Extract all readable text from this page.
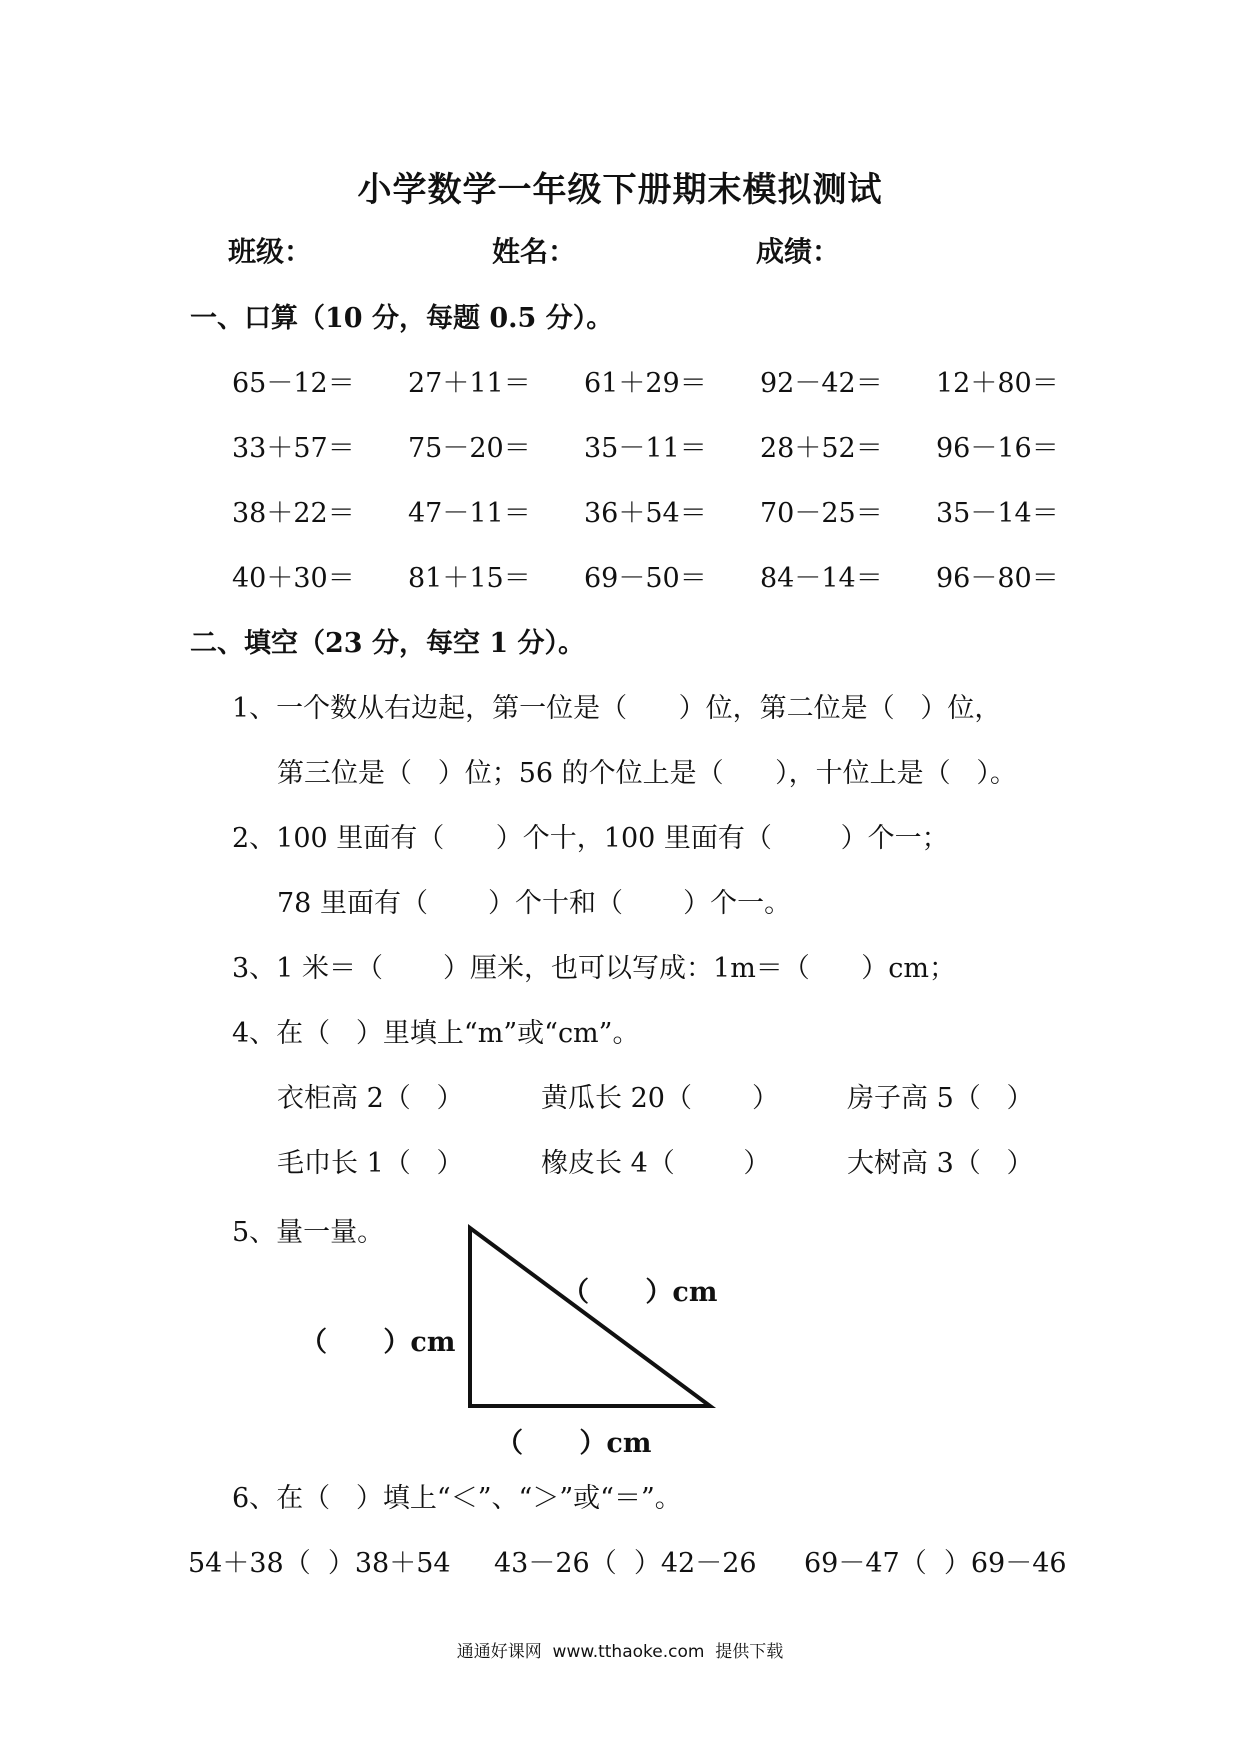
小学数学一年级下册期末模拟测试
班级：	姓名：	成绩：
一、口算（10 分，每题 0.5 分）。
65－12＝ 27＋11＝ 61＋29＝ 92－42＝ 12＋80＝
33＋57＝ 75－20＝ 35－11＝ 28＋52＝ 96－16＝
38＋22＝ 47－11＝ 36＋54＝ 70－25＝ 35－14＝
40＋30＝ 81＋15＝ 69－50＝ 84－14＝ 96－80＝
二、填空（23 分，每空 1 分）。
1、一个数从右边起，第一位是（      ）位，第二位是（   ）位，
第三位是（   ）位；56 的个位上是（      ），十位上是（   ）。
2、100 里面有（      ）个十，100 里面有（        ）个一；
78 里面有（       ）个十和（       ）个一。
3、1 米＝（       ）厘米，也可以写成：1m＝（      ）cm；
4、在（   ）里填上“m”或“cm”。
衣柜高 2（   ）	黄瓜长 20（       ）	房子高 5（   ）
毛巾长 1（   ）	橡皮长 4（        ）	大树高 3（   ）
5、量一量。
（      ）cm
（      ）cm
（      ）cm
6、在（   ）填上“＜”、“＞”或“＝”。
54＋38（  ）38＋54 43－26（  ）42－26 69－47（  ）69－46
通通好课网  www.tthaoke.com  提供下载
